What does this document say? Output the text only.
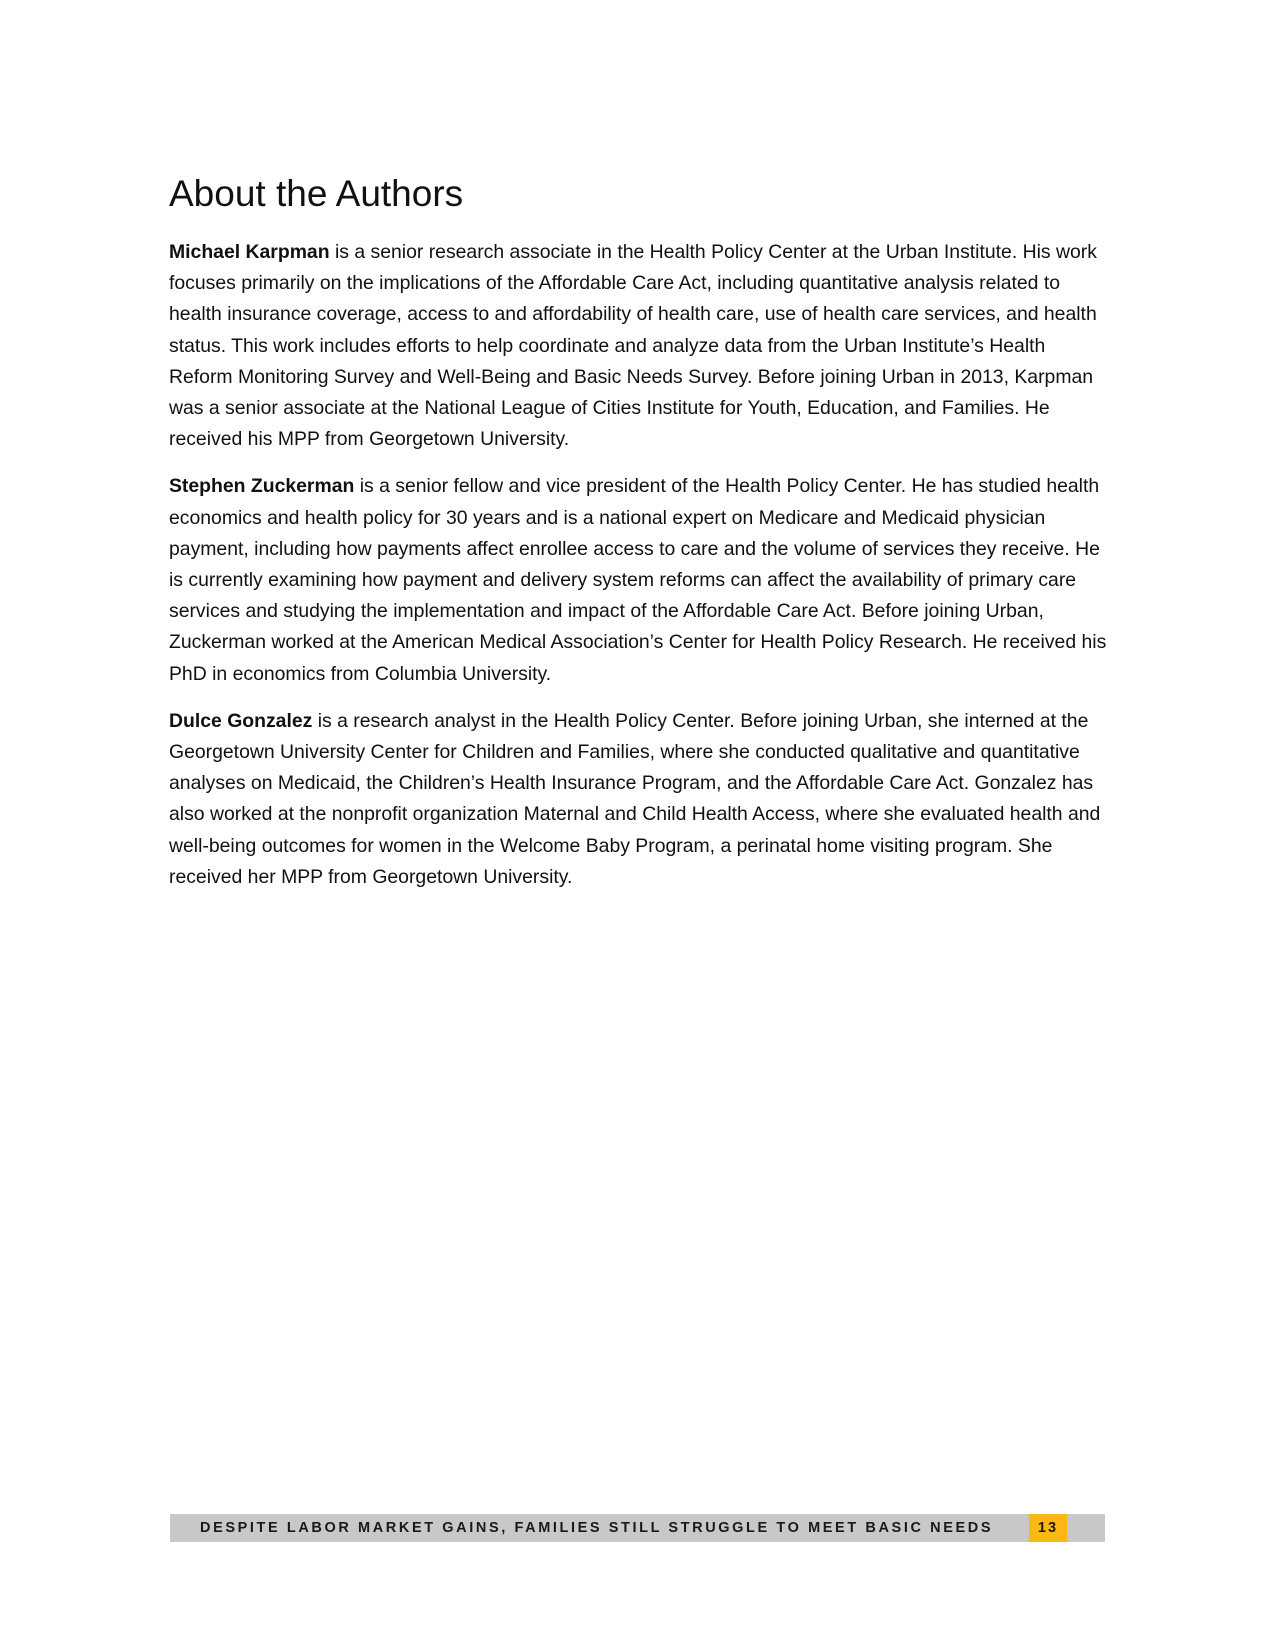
About the Authors

Michael Karpman is a senior research associate in the Health Policy Center at the Urban Institute. His work focuses primarily on the implications of the Affordable Care Act, including quantitative analysis related to health insurance coverage, access to and affordability of health care, use of health care services, and health status. This work includes efforts to help coordinate and analyze data from the Urban Institute’s Health Reform Monitoring Survey and Well-Being and Basic Needs Survey. Before joining Urban in 2013, Karpman was a senior associate at the National League of Cities Institute for Youth, Education, and Families. He received his MPP from Georgetown University.

Stephen Zuckerman is a senior fellow and vice president of the Health Policy Center. He has studied health economics and health policy for 30 years and is a national expert on Medicare and Medicaid physician payment, including how payments affect enrollee access to care and the volume of services they receive. He is currently examining how payment and delivery system reforms can affect the availability of primary care services and studying the implementation and impact of the Affordable Care Act. Before joining Urban, Zuckerman worked at the American Medical Association’s Center for Health Policy Research. He received his PhD in economics from Columbia University.

Dulce Gonzalez is a research analyst in the Health Policy Center. Before joining Urban, she interned at the Georgetown University Center for Children and Families, where she conducted qualitative and quantitative analyses on Medicaid, the Children’s Health Insurance Program, and the Affordable Care Act. Gonzalez has also worked at the nonprofit organization Maternal and Child Health Access, where she evaluated health and well-being outcomes for women in the Welcome Baby Program, a perinatal home visiting program. She received her MPP from Georgetown University.

DESPITE LABOR MARKET GAINS, FAMILIES STILL STRUGGLE TO MEET BASIC NEEDS	13
